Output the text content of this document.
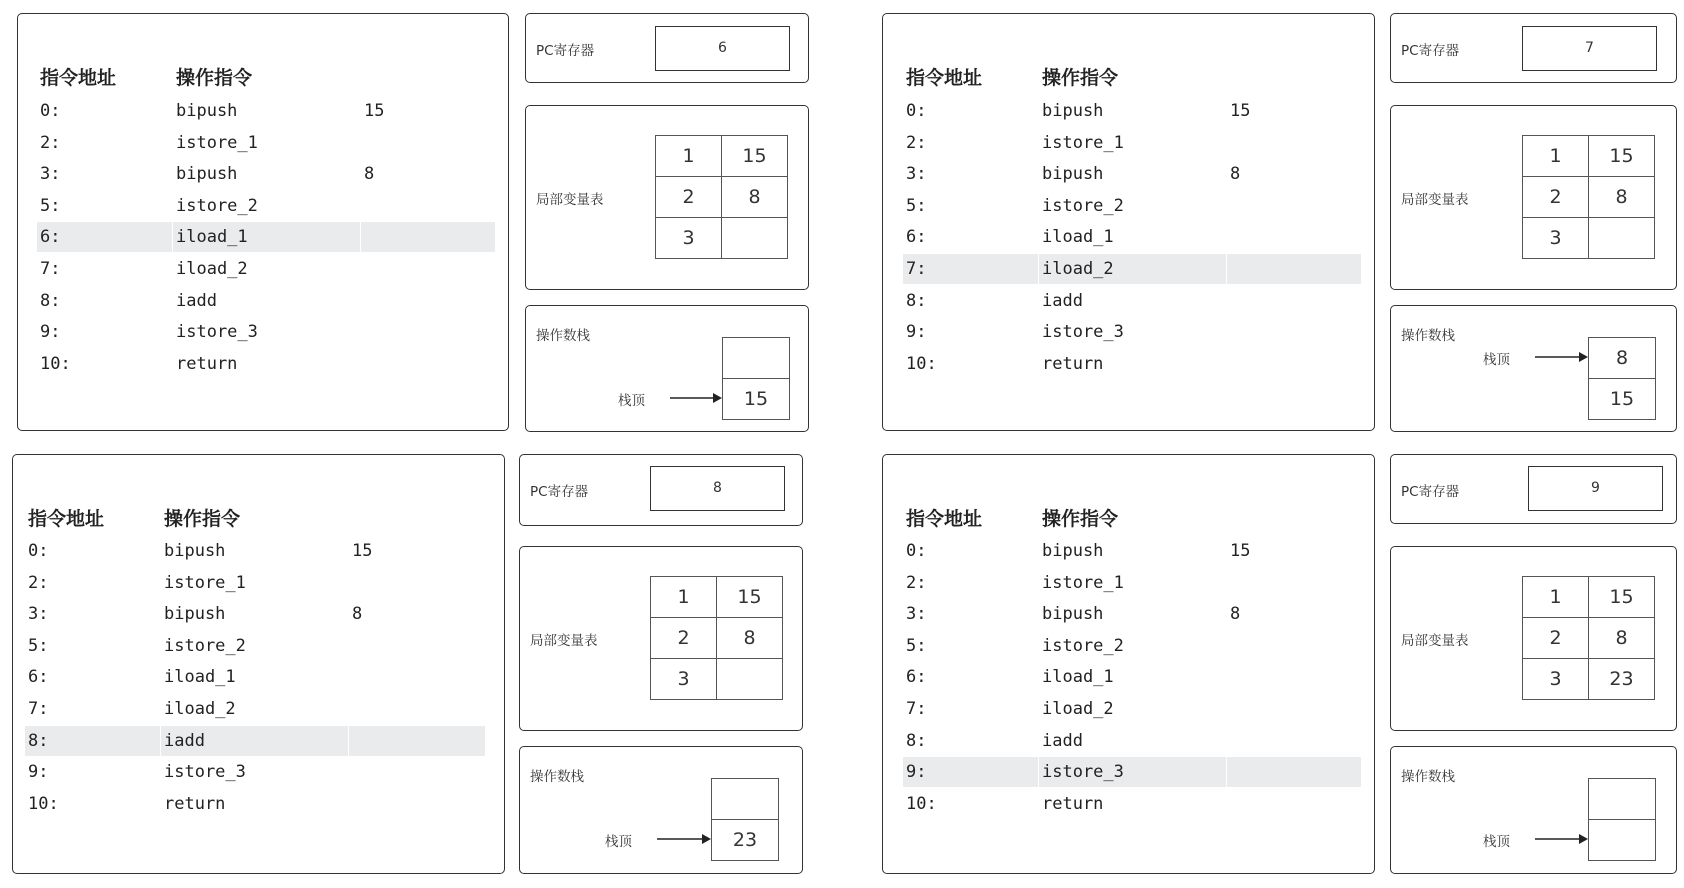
指令地址	操作指令
0:	bipush	15
2:	istore_1
3:	bipush	8
5:	istore_2
6:	iload_1
7:	iload_2
8:	iadd
9:	istore_3
10:	return
PC寄存器	6
局部变量表
1	15
2	8
3	
操作数栈

15
栈顶
指令地址	操作指令
0:	bipush	15
2:	istore_1
3:	bipush	8
5:	istore_2
6:	iload_1
7:	iload_2
8:	iadd
9:	istore_3
10:	return
PC寄存器	7
局部变量表
1	15
2	8
3	
操作数栈
8
15
栈顶
指令地址	操作指令
0:	bipush	15
2:	istore_1
3:	bipush	8
5:	istore_2
6:	iload_1
7:	iload_2
8:	iadd
9:	istore_3
10:	return
PC寄存器	8
局部变量表
1	15
2	8
3	
操作数栈

23
栈顶
指令地址	操作指令
0:	bipush	15
2:	istore_1
3:	bipush	8
5:	istore_2
6:	iload_1
7:	iload_2
8:	iadd
9:	istore_3
10:	return
PC寄存器	9
局部变量表
1	15
2	8
3	23
操作数栈

栈顶
